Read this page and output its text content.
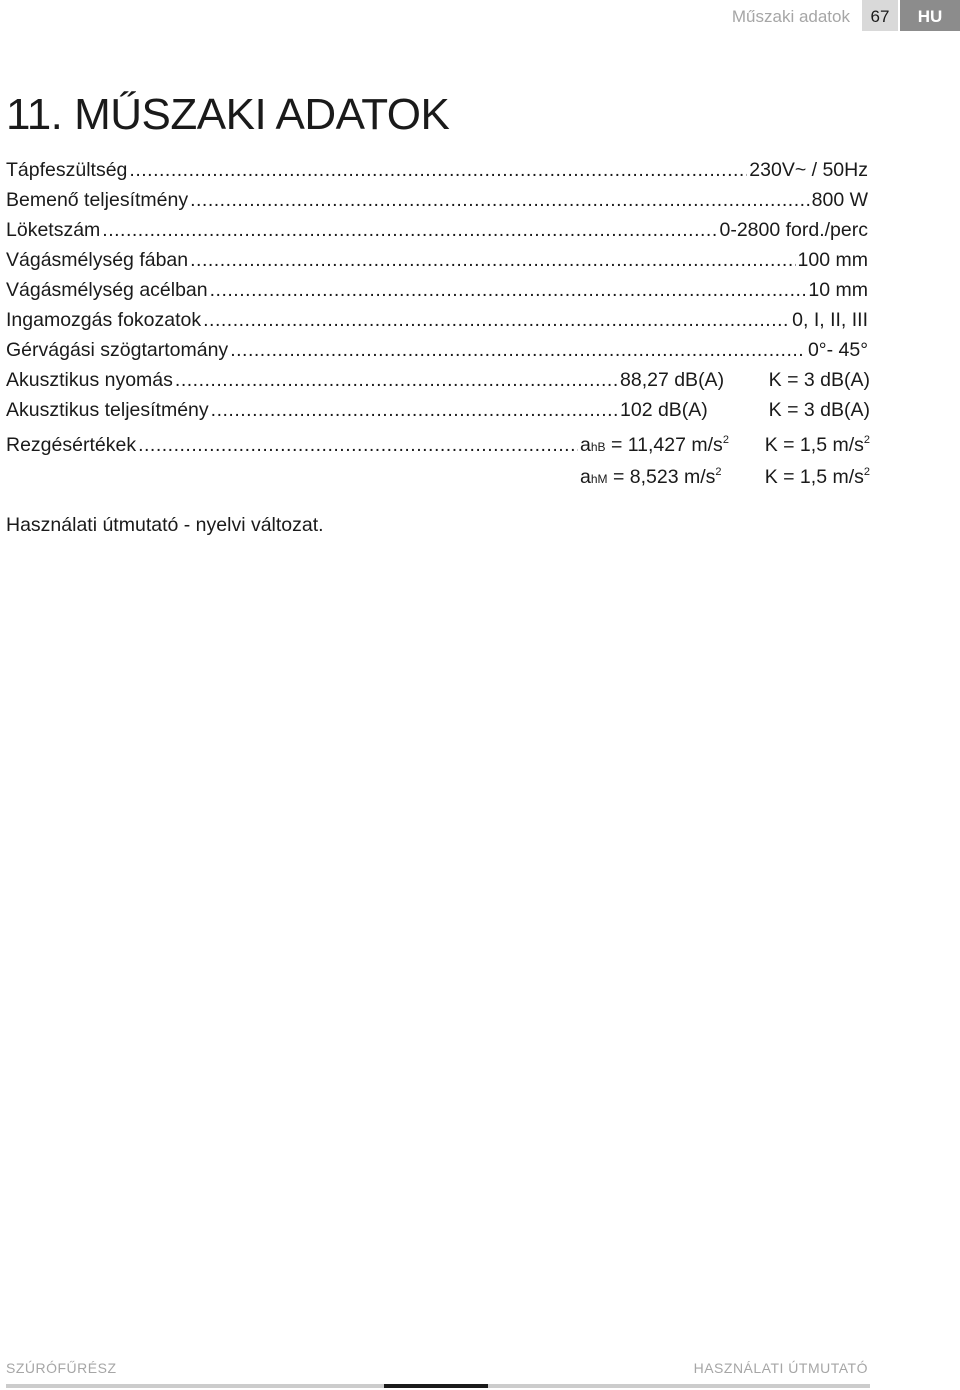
Műszaki adatok	67	HU
11. MŰSZAKI ADATOK
Tápfeszültség .....	230V~ / 50Hz
Bemenő teljesítmény .....	800 W
Löketszám .....	0-2800 ford./perc
Vágásmélység fában .....	100 mm
Vágásmélység acélban .....	10 mm
Ingamozgás fokozatok .....	0, I, II, III
Gérvágási szögtartomány .....	0°- 45°
Akusztikus nyomás .....	88,27 dB(A) K = 3 dB(A)
Akusztikus teljesítmény .....	102 dB(A)	K = 3 dB(A)
Rezgésértékek .....	ahB = 11,427 $m/s^2$ K = 1,5 $m/s^2$
ahM = 8,523 $m/s^2$ K = 1,5 $m/s^2$
Használati útmutató - nyelvi változat.
SZÚRÓFŰRÉSZ	HASZNÁLATI ÚTMUTATÓ
